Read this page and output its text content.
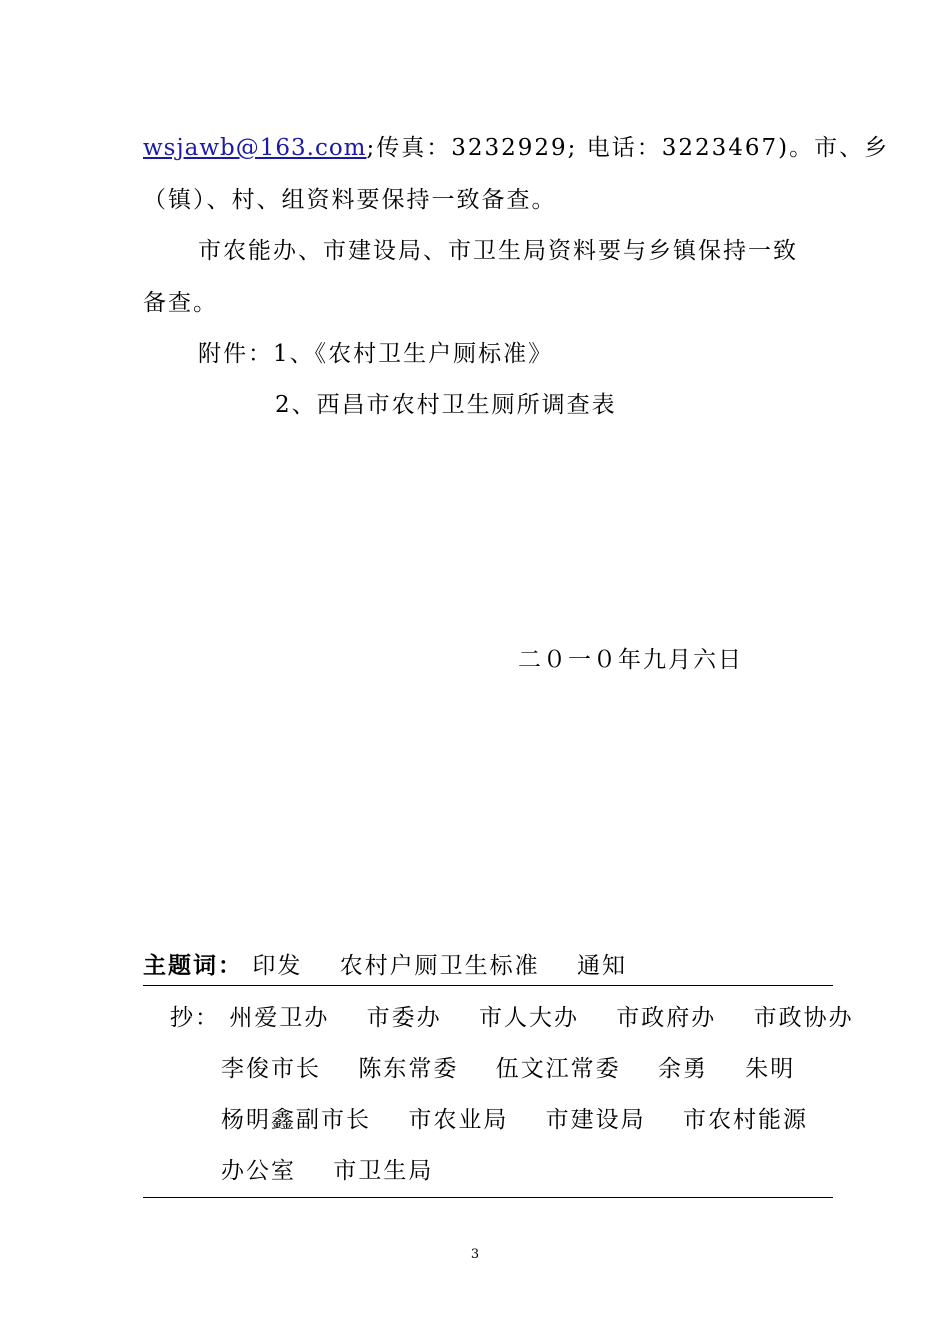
wsjawb@163.com;传真：3232929; 电话：3223467)。市、乡
（镇）、村、组资料要保持一致备查。
市农能办、市建设局、市卫生局资料要与乡镇保持一致
备查。
附件：1、《农村卫生户厕标准》
2、西昌市农村卫生厕所调查表
二０一０年九月六日
主题词： 印发 农村户厕卫生标准 通知
抄： 州爱卫办 市委办 市人大办 市政府办 市政协办
李俊市长 陈东常委 伍文江常委 余勇 朱明
杨明鑫副市长 市农业局 市建设局 市农村能源
办公室 市卫生局
3
